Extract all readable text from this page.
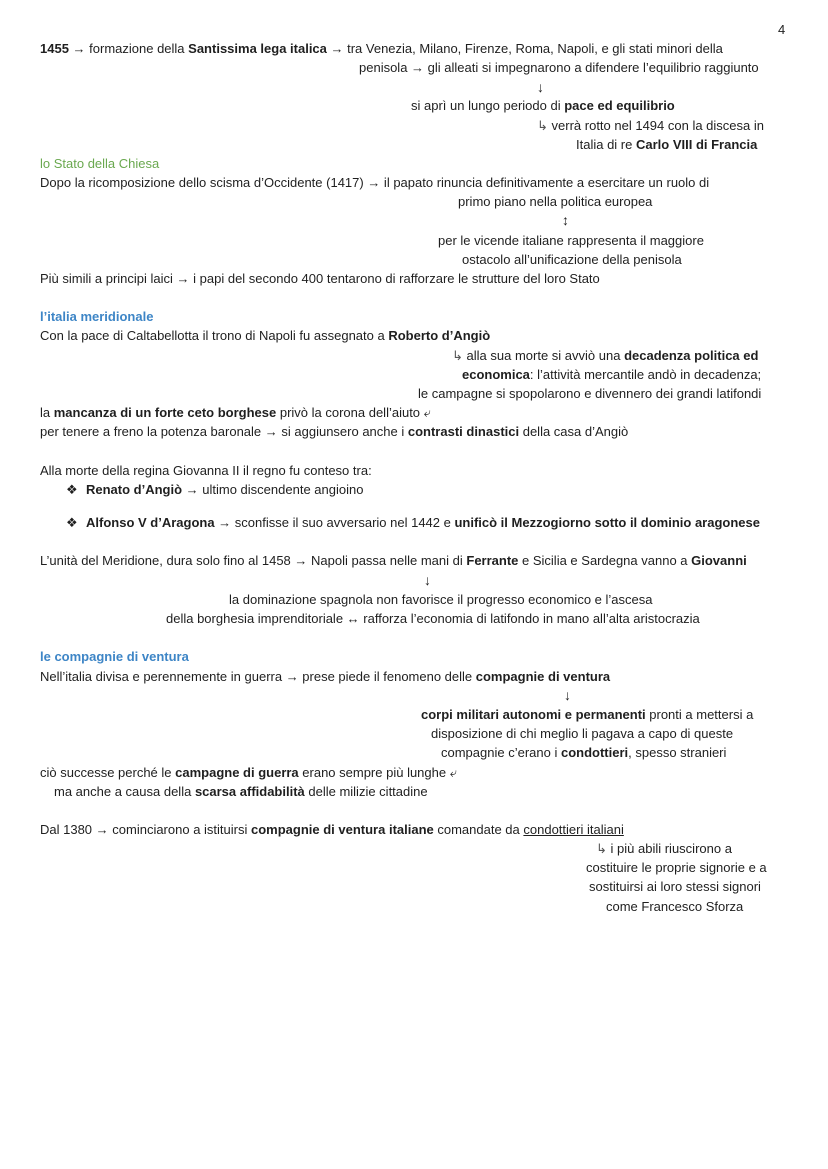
4
1455 → formazione della Santissima lega italica → tra Venezia, Milano, Firenze, Roma, Napoli, e gli stati minori della
penisola → gli alleati si impegnarono a difendere l’equilibrio raggiunto
↓
si aprì un lungo periodo di pace ed equilibrio
↳ verrà rotto nel 1494 con la discesa in
Italia di re Carlo VIII di Francia
lo Stato della Chiesa
Dopo la ricomposizione dello scisma d’Occidente (1417) → il papato rinuncia definitivamente a esercitare un ruolo di
primo piano nella politica europea
↕
per le vicende italiane rappresenta il maggiore
ostacolo all’unificazione della penisola
Più simili a principi laici → i papi del secondo 400 tentarono di rafforzare le strutture del loro Stato
l’italia meridionale
Con la pace di Caltabellotta il trono di Napoli fu assegnato a Roberto d’Angiò
↳ alla sua morte si avviò una decadenza politica ed
economica: l’attività mercantile andò in decadenza;
le campagne si spopolarono e divennero dei grandi latifondi
la mancanza di un forte ceto borghese privò la corona dell’aiuto ⤶
per tenere a freno la potenza baronale → si aggiunsero anche i contrasti dinastici della casa d’Angiò
Alla morte della regina Giovanna II il regno fu conteso tra:
❖ Renato d’Angiò → ultimo discendente angioino
❖ Alfonso V d’Aragona → sconfisse il suo avversario nel 1442 e unificò il Mezzogiorno sotto il dominio aragonese
L’unità del Meridione, dura solo fino al 1458 → Napoli passa nelle mani di Ferrante e Sicilia e Sardegna vanno a Giovanni
↓
la dominazione spagnola non favorisce il progresso economico e l’ascesa
della borghesia imprenditoriale ↔ rafforza l’economia di latifondo in mano all’alta aristocrazia
le compagnie di ventura
Nell’italia divisa e perennemente in guerra → prese piede il fenomeno delle compagnie di ventura
↓
corpi militari autonomi e permanenti pronti a mettersi a
disposizione di chi meglio li pagava a capo di queste
compagnie c’erano i condottieri, spesso stranieri
ciò successe perché le campagne di guerra erano sempre più lunghe ⤶
ma anche a causa della scarsa affidabilità delle milizie cittadine
Dal 1380 → cominciarono a istituirsi compagnie di ventura italiane comandate da condottieri italiani
↳ i più abili riuscirono a
costituire le proprie signorie e a
sostituirsi ai loro stessi signori
come Francesco Sforza
